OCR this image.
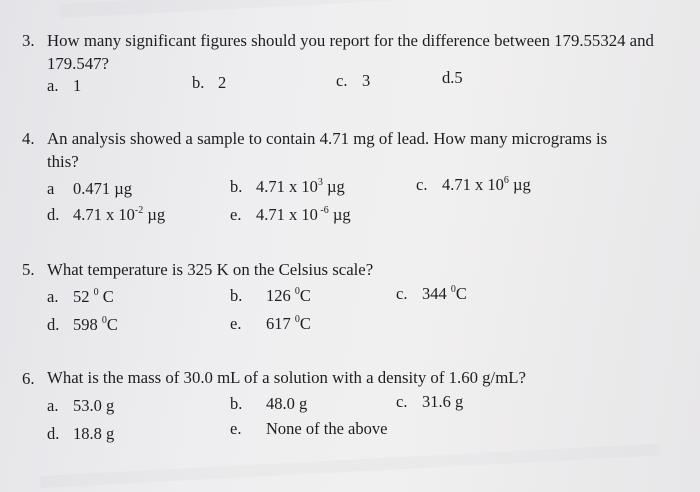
3. How many significant figures should you report for the difference between 179.55324 and
179.547?
a. 1	b. 2	c. 3	d.5
4. An analysis showed a sample to contain 4.71 mg of lead. How many micrograms is
this?
a 0.471 µg	b. 4.71 x $10^3$ µg	c. 4.71 x $10^6$ µg
d. 4.71 x $10^{-2}$ µg	e. 4.71 x 10 $^{-6}$ µg
5. What temperature is 325 K on the Celsius scale?
a. 52 $^0$ C	b. 126 $^0$C	c. 344 $^0$C
d. 598 $^0$C	e. 617 $^0$C
6. What is the mass of 30.0 mL of a solution with a density of 1.60 g/mL?
a. 53.0 g	b. 48.0 g	c. 31.6 g
d. 18.8 g	e. None of the above
